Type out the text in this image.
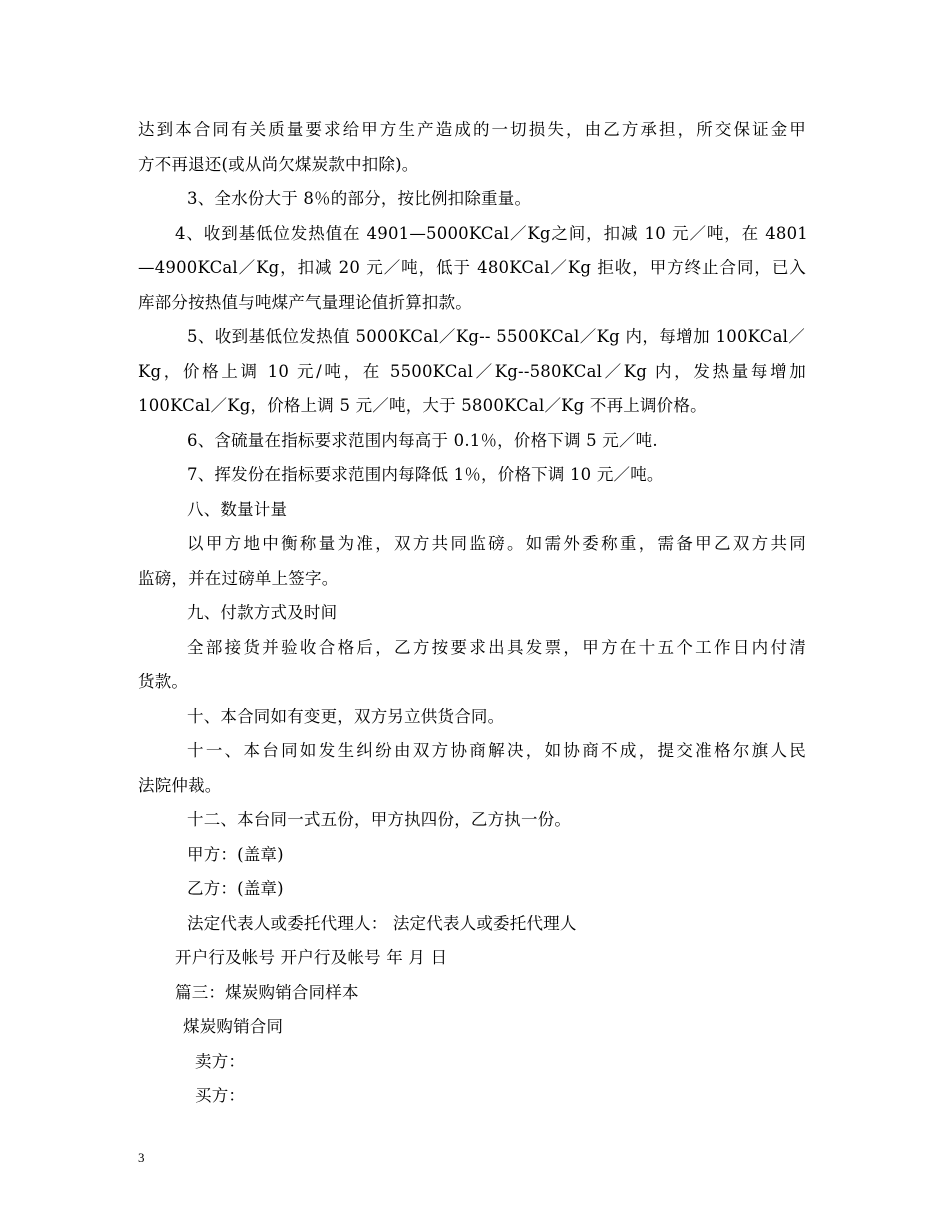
达到本合同有关质量要求给甲方生产造成的一切损失，由乙方承担，所交保证金甲
方不再退还(或从尚欠煤炭款中扣除)。
3、全水份大于 8％的部分，按比例扣除重量。
4、收到基低位发热值在 4901—5000KCal／Kg之间，扣减 10 元／吨，在 4801
—4900KCal／Kg，扣减 20 元／吨，低于 480KCal／Kg 拒收，甲方终止合同，已入
库部分按热值与吨煤产气量理论值折算扣款。
5、收到基低位发热值 5000KCal／Kg-- 5500KCal／Kg 内，每增加 100KCal／
Kg，价格上调 10 元/吨，在 5500KCal／Kg--580KCal／Kg 内，发热量每增加
100KCal／Kg，价格上调 5 元／吨，大于 5800KCal／Kg 不再上调价格。
6、含硫量在指标要求范围内每高于 0.1％，价格下调 5 元／吨.
7、挥发份在指标要求范围内每降低 1％，价格下调 10 元／吨。
八、数量计量
以甲方地中衡称量为准，双方共同监磅。如需外委称重，需备甲乙双方共同
监磅，并在过磅单上签字。
九、付款方式及时间
全部接货并验收合格后，乙方按要求出具发票，甲方在十五个工作日内付清
货款。
十、本合同如有变更，双方另立供货合同。
十一、本台同如发生纠纷由双方协商解决，如协商不成，提交准格尔旗人民
法院仲裁。
十二、本台同一式五份，甲方执四份，乙方执一份。
甲方：(盖章)
乙方：(盖章)
法定代表人或委托代理人： 法定代表人或委托代理人
开户行及帐号 开户行及帐号 年 月 日
篇三：煤炭购销合同样本
煤炭购销合同
卖方：
买方：
3
